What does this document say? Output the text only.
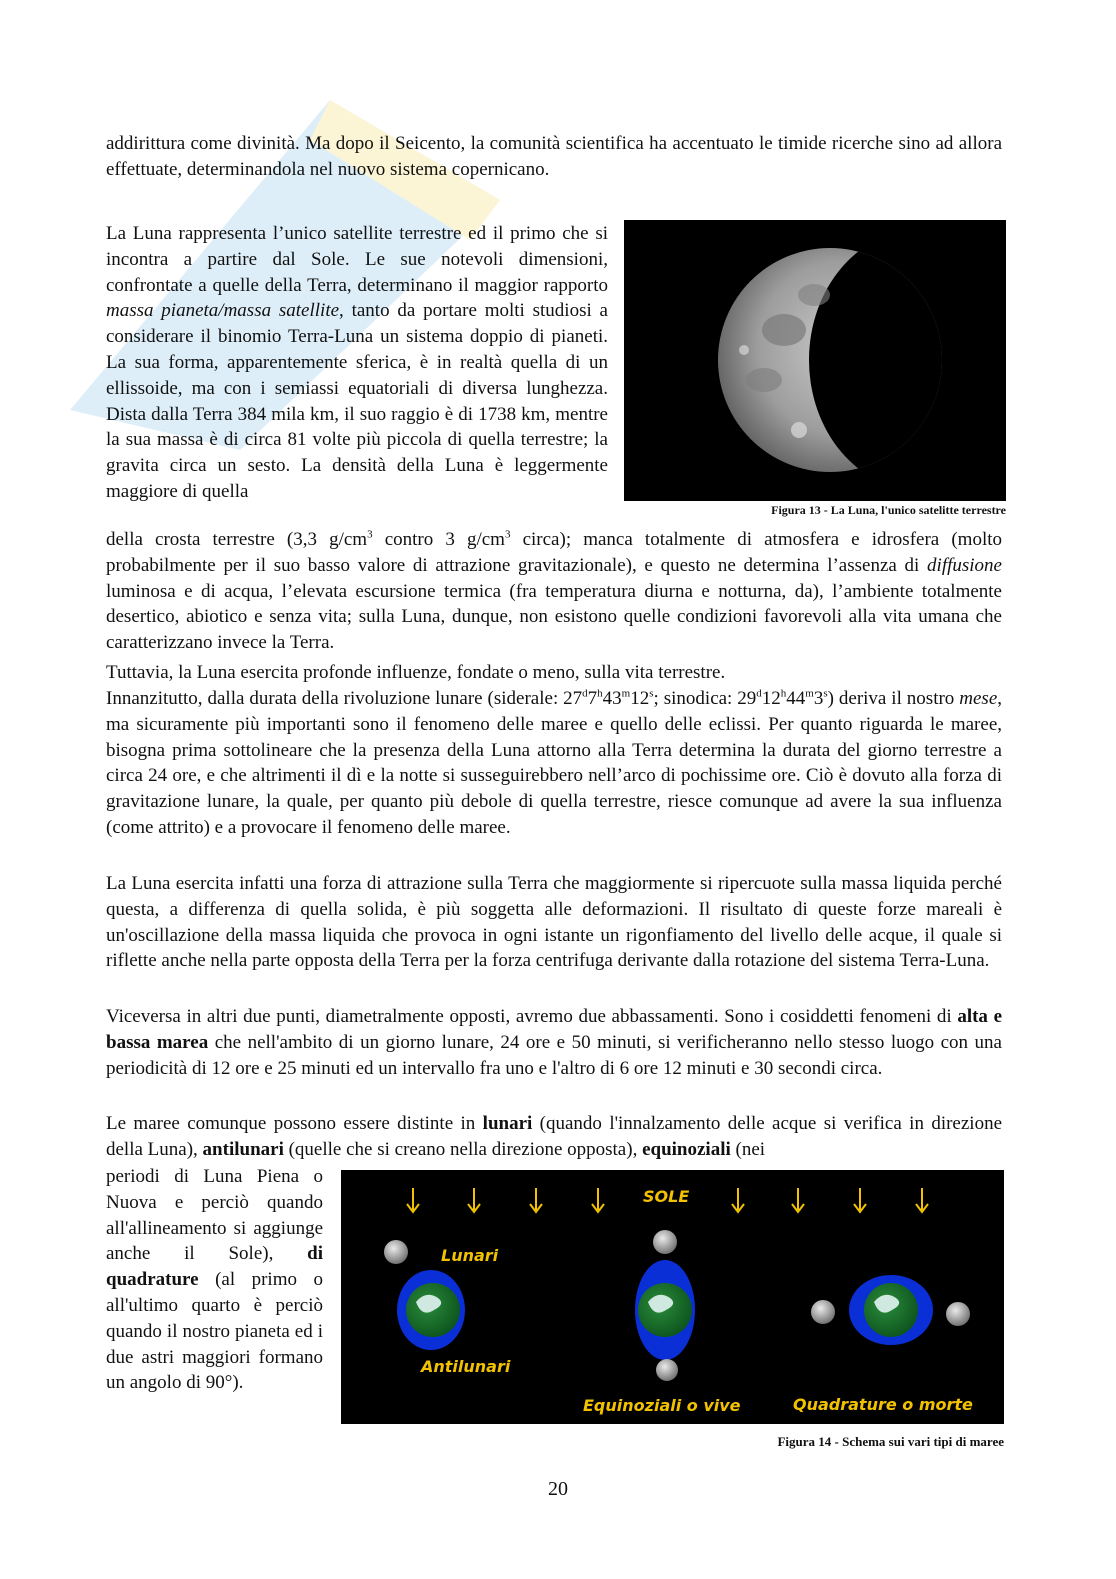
addirittura come divinità. Ma dopo il Seicento, la comunità scientifica ha accentuato le timide ricerche sino ad allora effettuate, determinandola nel nuovo sistema copernicano.

La Luna rappresenta l’unico satellite terrestre ed il primo che si incontra a partire dal Sole. Le sue notevoli dimensioni, confrontate a quelle della Terra, determinano il maggior rapporto massa pianeta/massa satellite, tanto da portare molti studiosi a considerare il binomio Terra-Luna un sistema doppio di pianeti. La sua forma, apparentemente sferica, è in realtà quella di un ellissoide, ma con i semiassi equatoriali di diversa lunghezza. Dista dalla Terra 384 mila km, il suo raggio è di 1738 km, mentre la sua massa è di circa 81 volte più piccola di quella terrestre; la gravita circa un sesto. La densità della Luna è leggermente maggiore di quella

Figura 13 - La Luna, l'unico satelitte terrestre

della crosta terrestre (3,3 $g/cm^3$ contro 3 $g/cm^3$ circa); manca totalmente di atmosfera e idrosfera (molto probabilmente per il suo basso valore di attrazione gravitazionale), e questo ne determina l’assenza di diffusione luminosa e di acqua, l’elevata escursione termica (fra temperatura diurna e notturna, da), l’ambiente totalmente desertico, abiotico e senza vita; sulla Luna, dunque, non esistono quelle condizioni favorevoli alla vita umana che caratterizzano invece la Terra.

Tuttavia, la Luna esercita profonde influenze, fondate o meno, sulla vita terrestre.

Innanzitutto, dalla durata della rivoluzione lunare (siderale: 27$^d$7$^h$43$^m$12$^s$; sinodica: 29$^d$12$^h$44$^m$3$^s$) deriva il nostro mese, ma sicuramente più importanti sono il fenomeno delle maree e quello delle eclissi. Per quanto riguarda le maree, bisogna prima sottolineare che la presenza della Luna attorno alla Terra determina la durata del giorno terrestre a circa 24 ore, e che altrimenti il dì e la notte si susseguirebbero nell’arco di pochissime ore. Ciò è dovuto alla forza di gravitazione lunare, la quale, per quanto più debole di quella terrestre, riesce comunque ad avere la sua influenza (come attrito) e a provocare il fenomeno delle maree.

La Luna esercita infatti una forza di attrazione sulla Terra che maggiormente si ripercuote sulla massa liquida perché questa, a differenza di quella solida, è più soggetta alle deformazioni. Il risultato di queste forze mareali è un'oscillazione della massa liquida che provoca in ogni istante un rigonfiamento del livello delle acque, il quale si riflette anche nella parte opposta della Terra per la forza centrifuga derivante dalla rotazione del sistema Terra-Luna.

Viceversa in altri due punti, diametralmente opposti, avremo due abbassamenti. Sono i cosiddetti fenomeni di alta e bassa marea che nell'ambito di un giorno lunare, 24 ore e 50 minuti, si verificheranno nello stesso luogo con una periodicità di 12 ore e 25 minuti ed un intervallo fra uno e l'altro di 6 ore 12 minuti e 30 secondi circa.

Le maree comunque possono essere distinte in lunari (quando l'innalzamento delle acque si verifica in direzione della Luna), antilunari (quelle che si creano nella direzione opposta), equinoziali (nei

periodi di Luna Piena o Nuova e perciò quando all'allineamento si aggiunge anche il Sole), di quadrature (al primo o all'ultimo quarto è perciò quando il nostro pianeta ed i due astri maggiori formano un angolo di 90°).

SOLE
Lunari
Antilunari
Equinoziali o vive	Quadrature o morte
Figura 14 - Schema sui vari tipi di maree
20
